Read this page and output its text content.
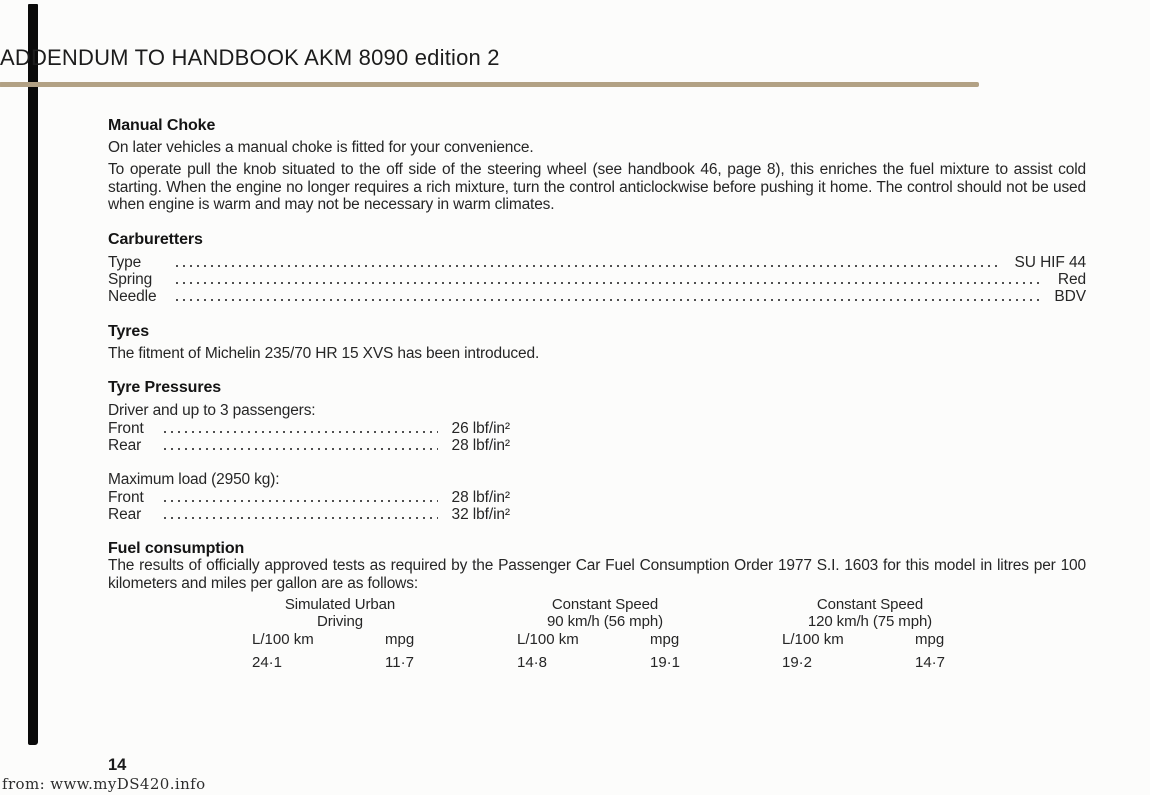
ADDENDUM TO HANDBOOK AKM 8090 edition 2
Manual Choke
On later vehicles a manual choke is fitted for your convenience.
To operate pull the knob situated to the off side of the steering wheel (see handbook 46, page 8), this enriches the fuel mixture to assist cold starting. When the engine no longer requires a rich mixture, turn the control anticlockwise before pushing it home. The control should not be used when engine is warm and may not be necessary in warm climates.
Carburetters
Type	SU HIF 44
Spring	Red
Needle	BDV
Tyres
The fitment of Michelin 235/70 HR 15 XVS has been introduced.
Tyre Pressures
Driver and up to 3 passengers:
Front	26 lbf/in²
Rear	28 lbf/in²
Maximum load (2950 kg):
Front	28 lbf/in²
Rear	32 lbf/in²
Fuel consumption
The results of officially approved tests as required by the Passenger Car Fuel Consumption Order 1977 S.I. 1603 for this model in litres per 100 kilometers and miles per gallon are as follows:
Simulated Urban
Driving
L/100 km	mpg
24·1	11·7
Constant Speed
90 km/h (56 mph)
L/100 km	mpg
14·8	19·1
Constant Speed
120 km/h (75 mph)
L/100 km	mpg
19·2	14·7
14
from: www.myDS420.info
